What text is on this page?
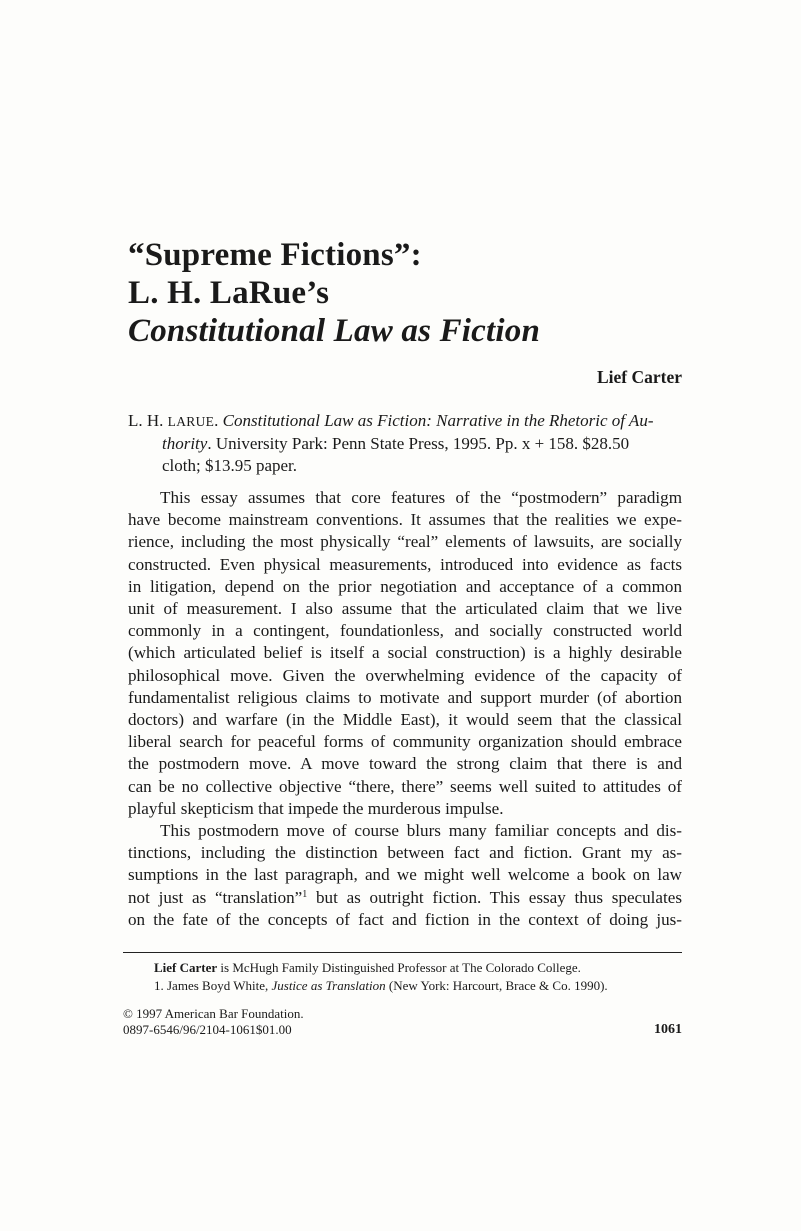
“Supreme Fictions”:
L. H. LaRue’s
Constitutional Law as Fiction
Lief Carter

L. H. LARUE. Constitutional Law as Fiction: Narrative in the Rhetoric of Au-

thority. University Park: Penn State Press, 1995. Pp. x + 158. $28.50

cloth; $13.95 paper.

This essay assumes that core features of the “postmodern” paradigm
have become mainstream conventions. It assumes that the realities we expe-
rience, including the most physically “real” elements of lawsuits, are socially
constructed. Even physical measurements, introduced into evidence as facts
in litigation, depend on the prior negotiation and acceptance of a common
unit of measurement. I also assume that the articulated claim that we live
commonly in a contingent, foundationless, and socially constructed world
(which articulated belief is itself a social construction) is a highly desirable
philosophical move. Given the overwhelming evidence of the capacity of
fundamentalist religious claims to motivate and support murder (of abortion
doctors) and warfare (in the Middle East), it would seem that the classical
liberal search for peaceful forms of community organization should embrace
the postmodern move. A move toward the strong claim that there is and
can be no collective objective “there, there” seems well suited to attitudes of
playful skepticism that impede the murderous impulse.
This postmodern move of course blurs many familiar concepts and dis-
tinctions, including the distinction between fact and fiction. Grant my as-
sumptions in the last paragraph, and we might well welcome a book on law
not just as “translation”$^1$ but as outright fiction. This essay thus speculates
on the fate of the concepts of fact and fiction in the context of doing jus-
Lief Carter is McHugh Family Distinguished Professor at The Colorado College.
1. James Boyd White, Justice as Translation (New York: Harcourt, Brace & Co. 1990).
© 1997 American Bar Foundation.
0897-6546/96/2104-1061$01.00	1061
